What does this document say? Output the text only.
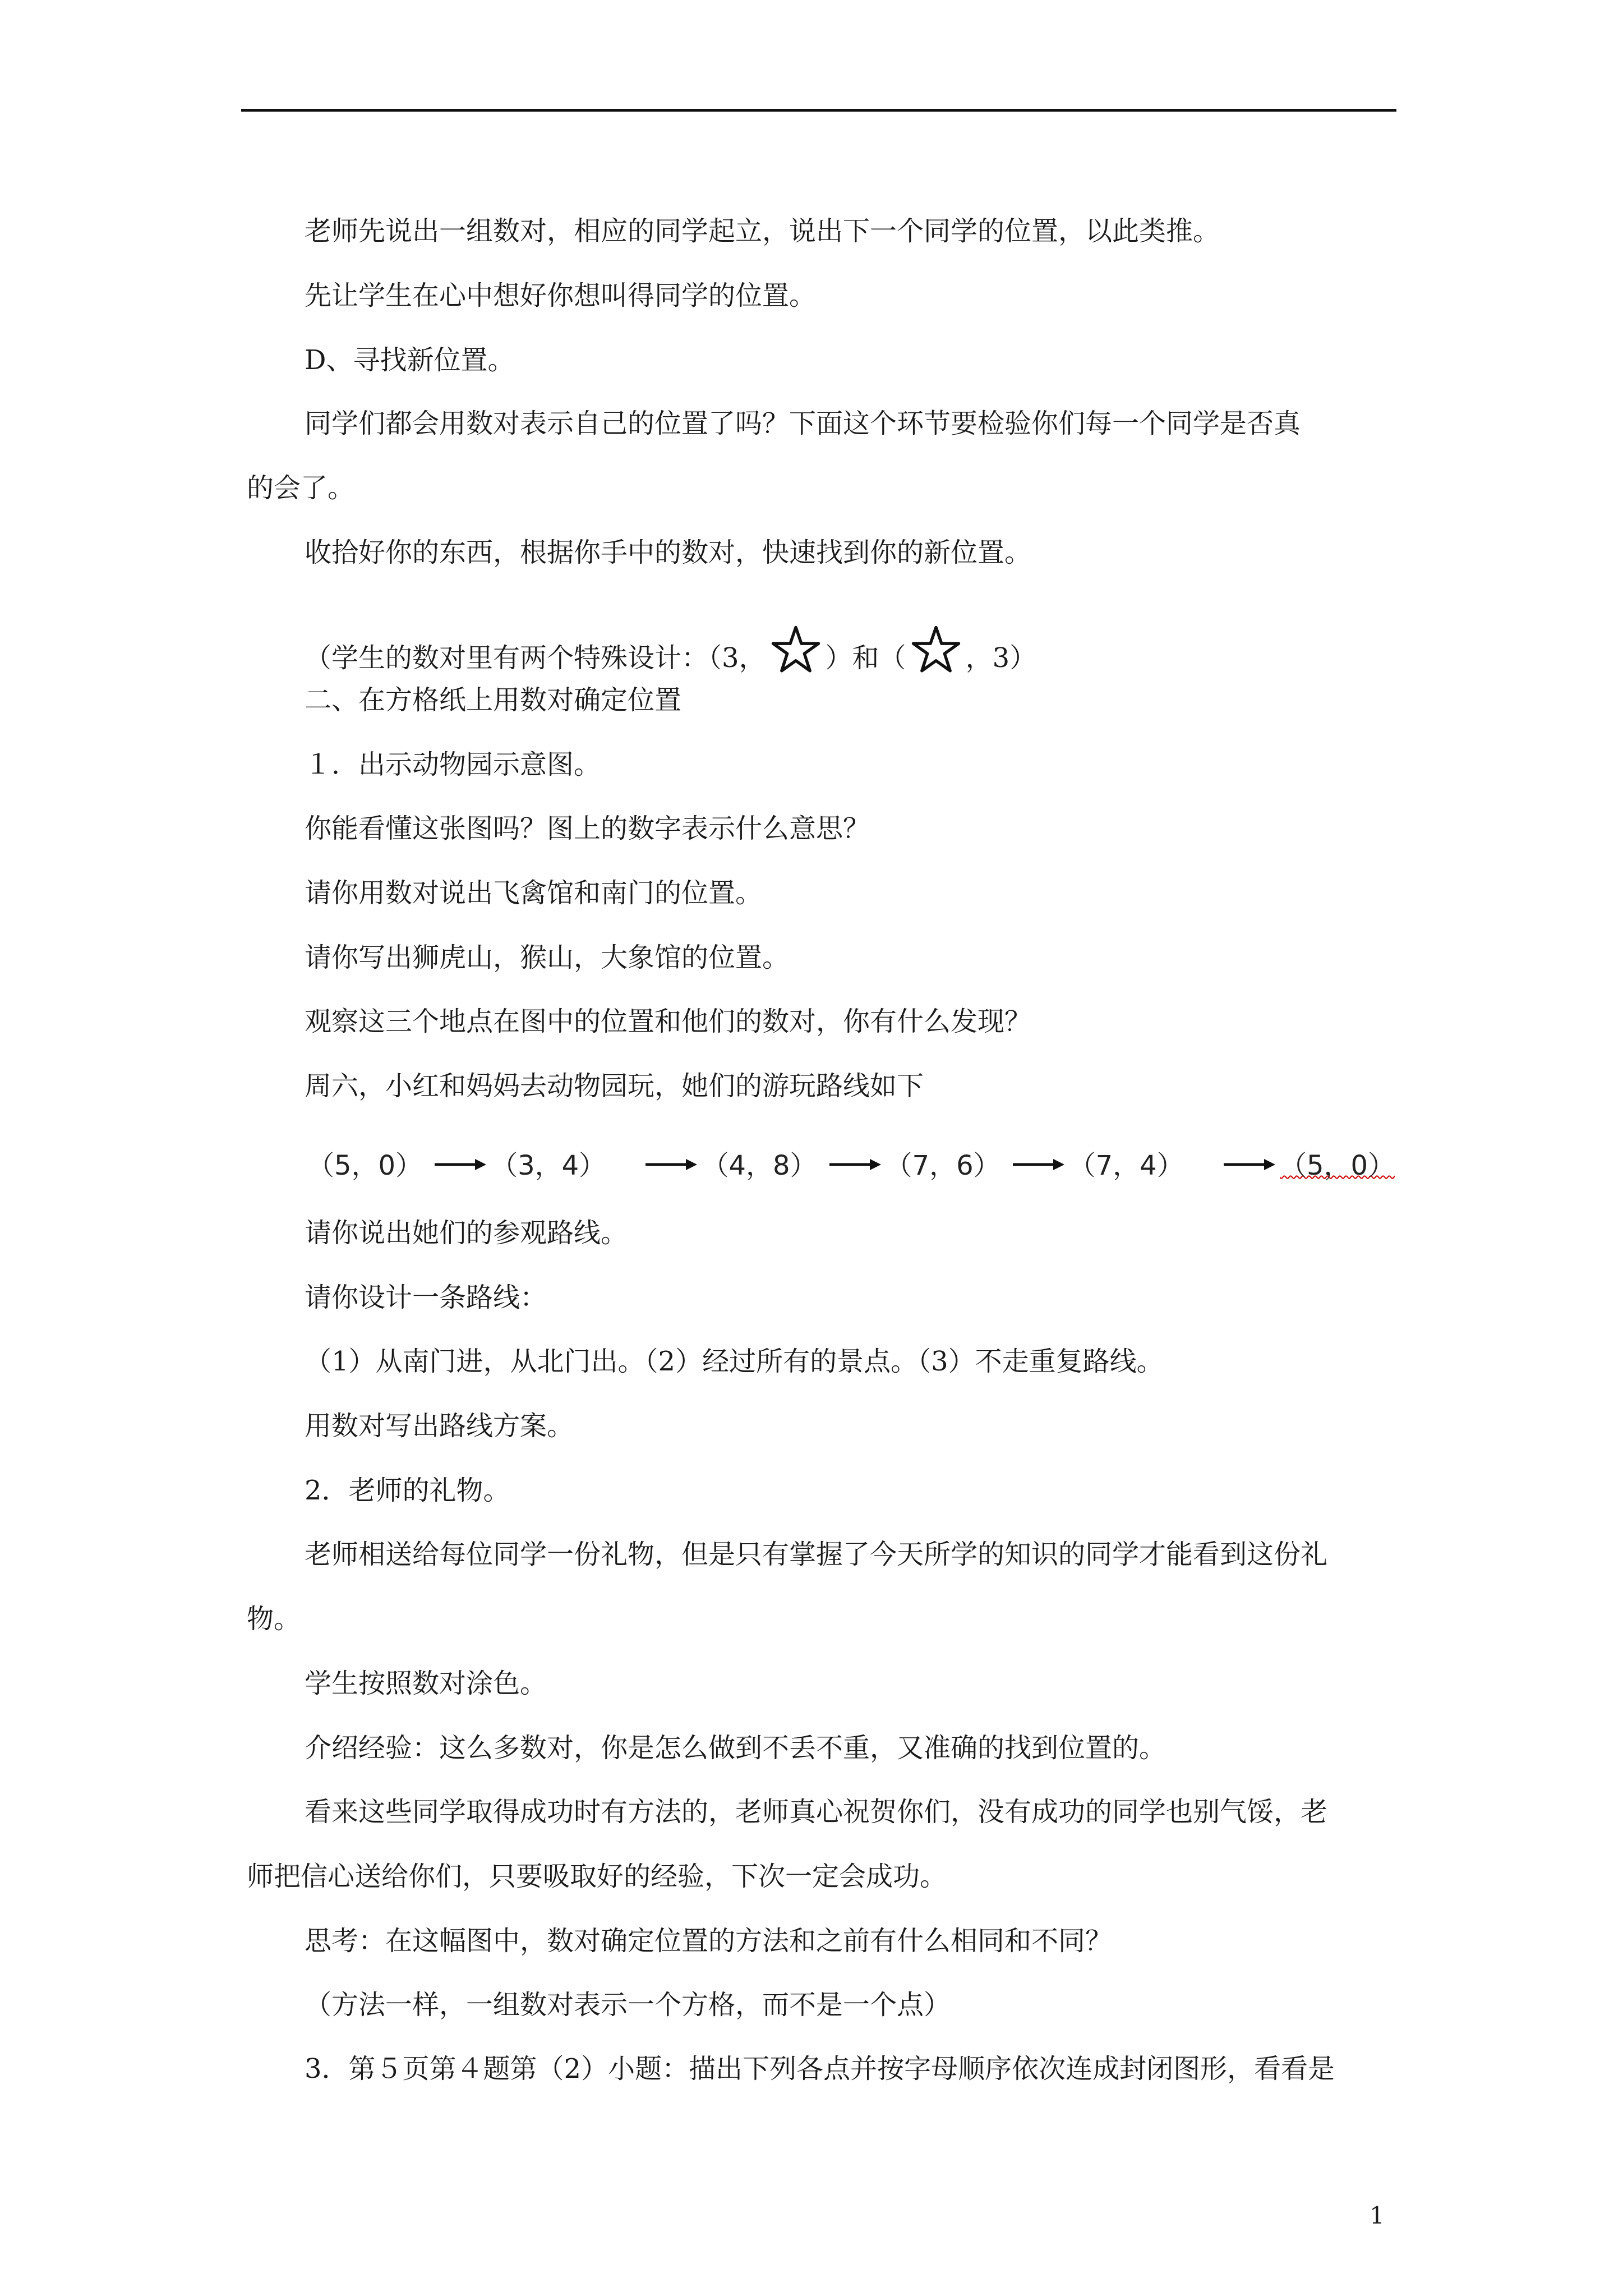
老师先说出一组数对，相应的同学起立，说出下一个同学的位置，以此类推。
先让学生在心中想好你想叫得同学的位置。
D、寻找新位置。
同学们都会用数对表示自己的位置了吗？下面这个环节要检验你们每一个同学是否真
的会了。
收拾好你的东西，根据你手中的数对，快速找到你的新位置。
（学生的数对里有两个特殊设计：（3， ）和（ ，3）
二、在方格纸上用数对确定位置
１．出示动物园示意图。
你能看懂这张图吗？图上的数字表示什么意思？
请你用数对说出飞禽馆和南门的位置。
请你写出狮虎山，猴山，大象馆的位置。
观察这三个地点在图中的位置和他们的数对，你有什么发现？
周六，小红和妈妈去动物园玩，她们的游玩路线如下
（5，0）	（3，4）	（4，8）	（7，6）	（7，4）	（5，0）
请你说出她们的参观路线。
请你设计一条路线：
（1）从南门进，从北门出。（2）经过所有的景点。（3）不走重复路线。
用数对写出路线方案。
2．老师的礼物。
老师相送给每位同学一份礼物，但是只有掌握了今天所学的知识的同学才能看到这份礼
物。
学生按照数对涂色。
介绍经验：这么多数对，你是怎么做到不丢不重，又准确的找到位置的。
看来这些同学取得成功时有方法的，老师真心祝贺你们，没有成功的同学也别气馁，老
师把信心送给你们，只要吸取好的经验，下次一定会成功。
思考：在这幅图中，数对确定位置的方法和之前有什么相同和不同？
（方法一样，一组数对表示一个方格，而不是一个点）
3．第５页第４题第（2）小题：描出下列各点并按字母顺序依次连成封闭图形，看看是
1
